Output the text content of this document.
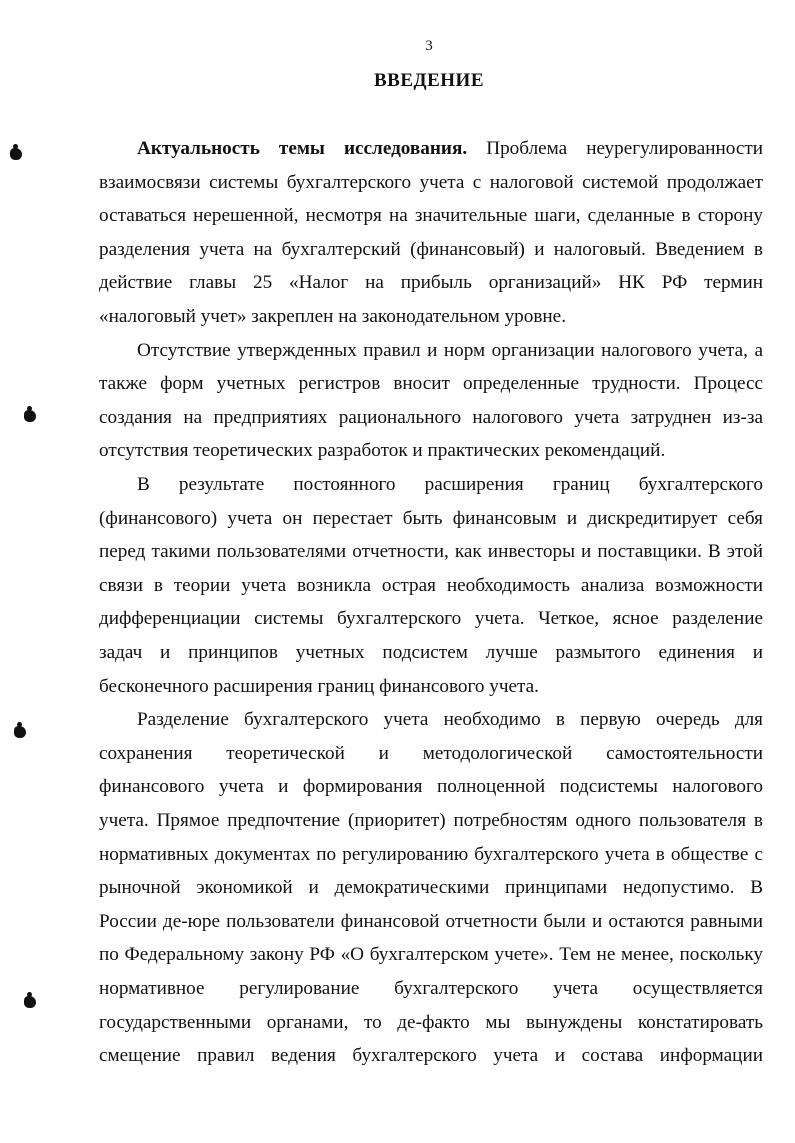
3
ВВЕДЕНИЕ
Актуальность темы исследования. Проблема неурегулированности
взаимосвязи системы бухгалтерского учета с налоговой системой продолжает
оставаться нерешенной, несмотря на значительные шаги, сделанные в сторону
разделения учета на бухгалтерский (финансовый) и налоговый. Введением в
действие главы 25 «Налог на прибыль организаций» НК РФ термин
«налоговый учет» закреплен на законодательном уровне.
Отсутствие утвержденных правил и норм организации налогового учета, а
также форм учетных регистров вносит определенные трудности. Процесс
создания на предприятиях рационального налогового учета затруднен из-за
отсутствия теоретических разработок и практических рекомендаций.
В результате постоянного расширения границ бухгалтерского
(финансового) учета он перестает быть финансовым и дискредитирует себя
перед такими пользователями отчетности, как инвесторы и поставщики. В этой
связи в теории учета возникла острая необходимость анализа возможности
дифференциации системы бухгалтерского учета. Четкое, ясное разделение
задач и принципов учетных подсистем лучше размытого единения и
бесконечного расширения границ финансового учета.
Разделение бухгалтерского учета необходимо в первую очередь для
сохранения теоретической и методологической самостоятельности
финансового учета и формирования полноценной подсистемы налогового
учета. Прямое предпочтение (приоритет) потребностям одного пользователя в
нормативных документах по регулированию бухгалтерского учета в обществе с
рыночной экономикой и демократическими принципами недопустимо. В
России де-юре пользователи финансовой отчетности были и остаются равными
по Федеральному закону РФ «О бухгалтерском учете». Тем не менее, поскольку
нормативное регулирование бухгалтерского учета осуществляется
государственными органами, то де-факто мы вынуждены констатировать
смещение правил ведения бухгалтерского учета и состава информации
